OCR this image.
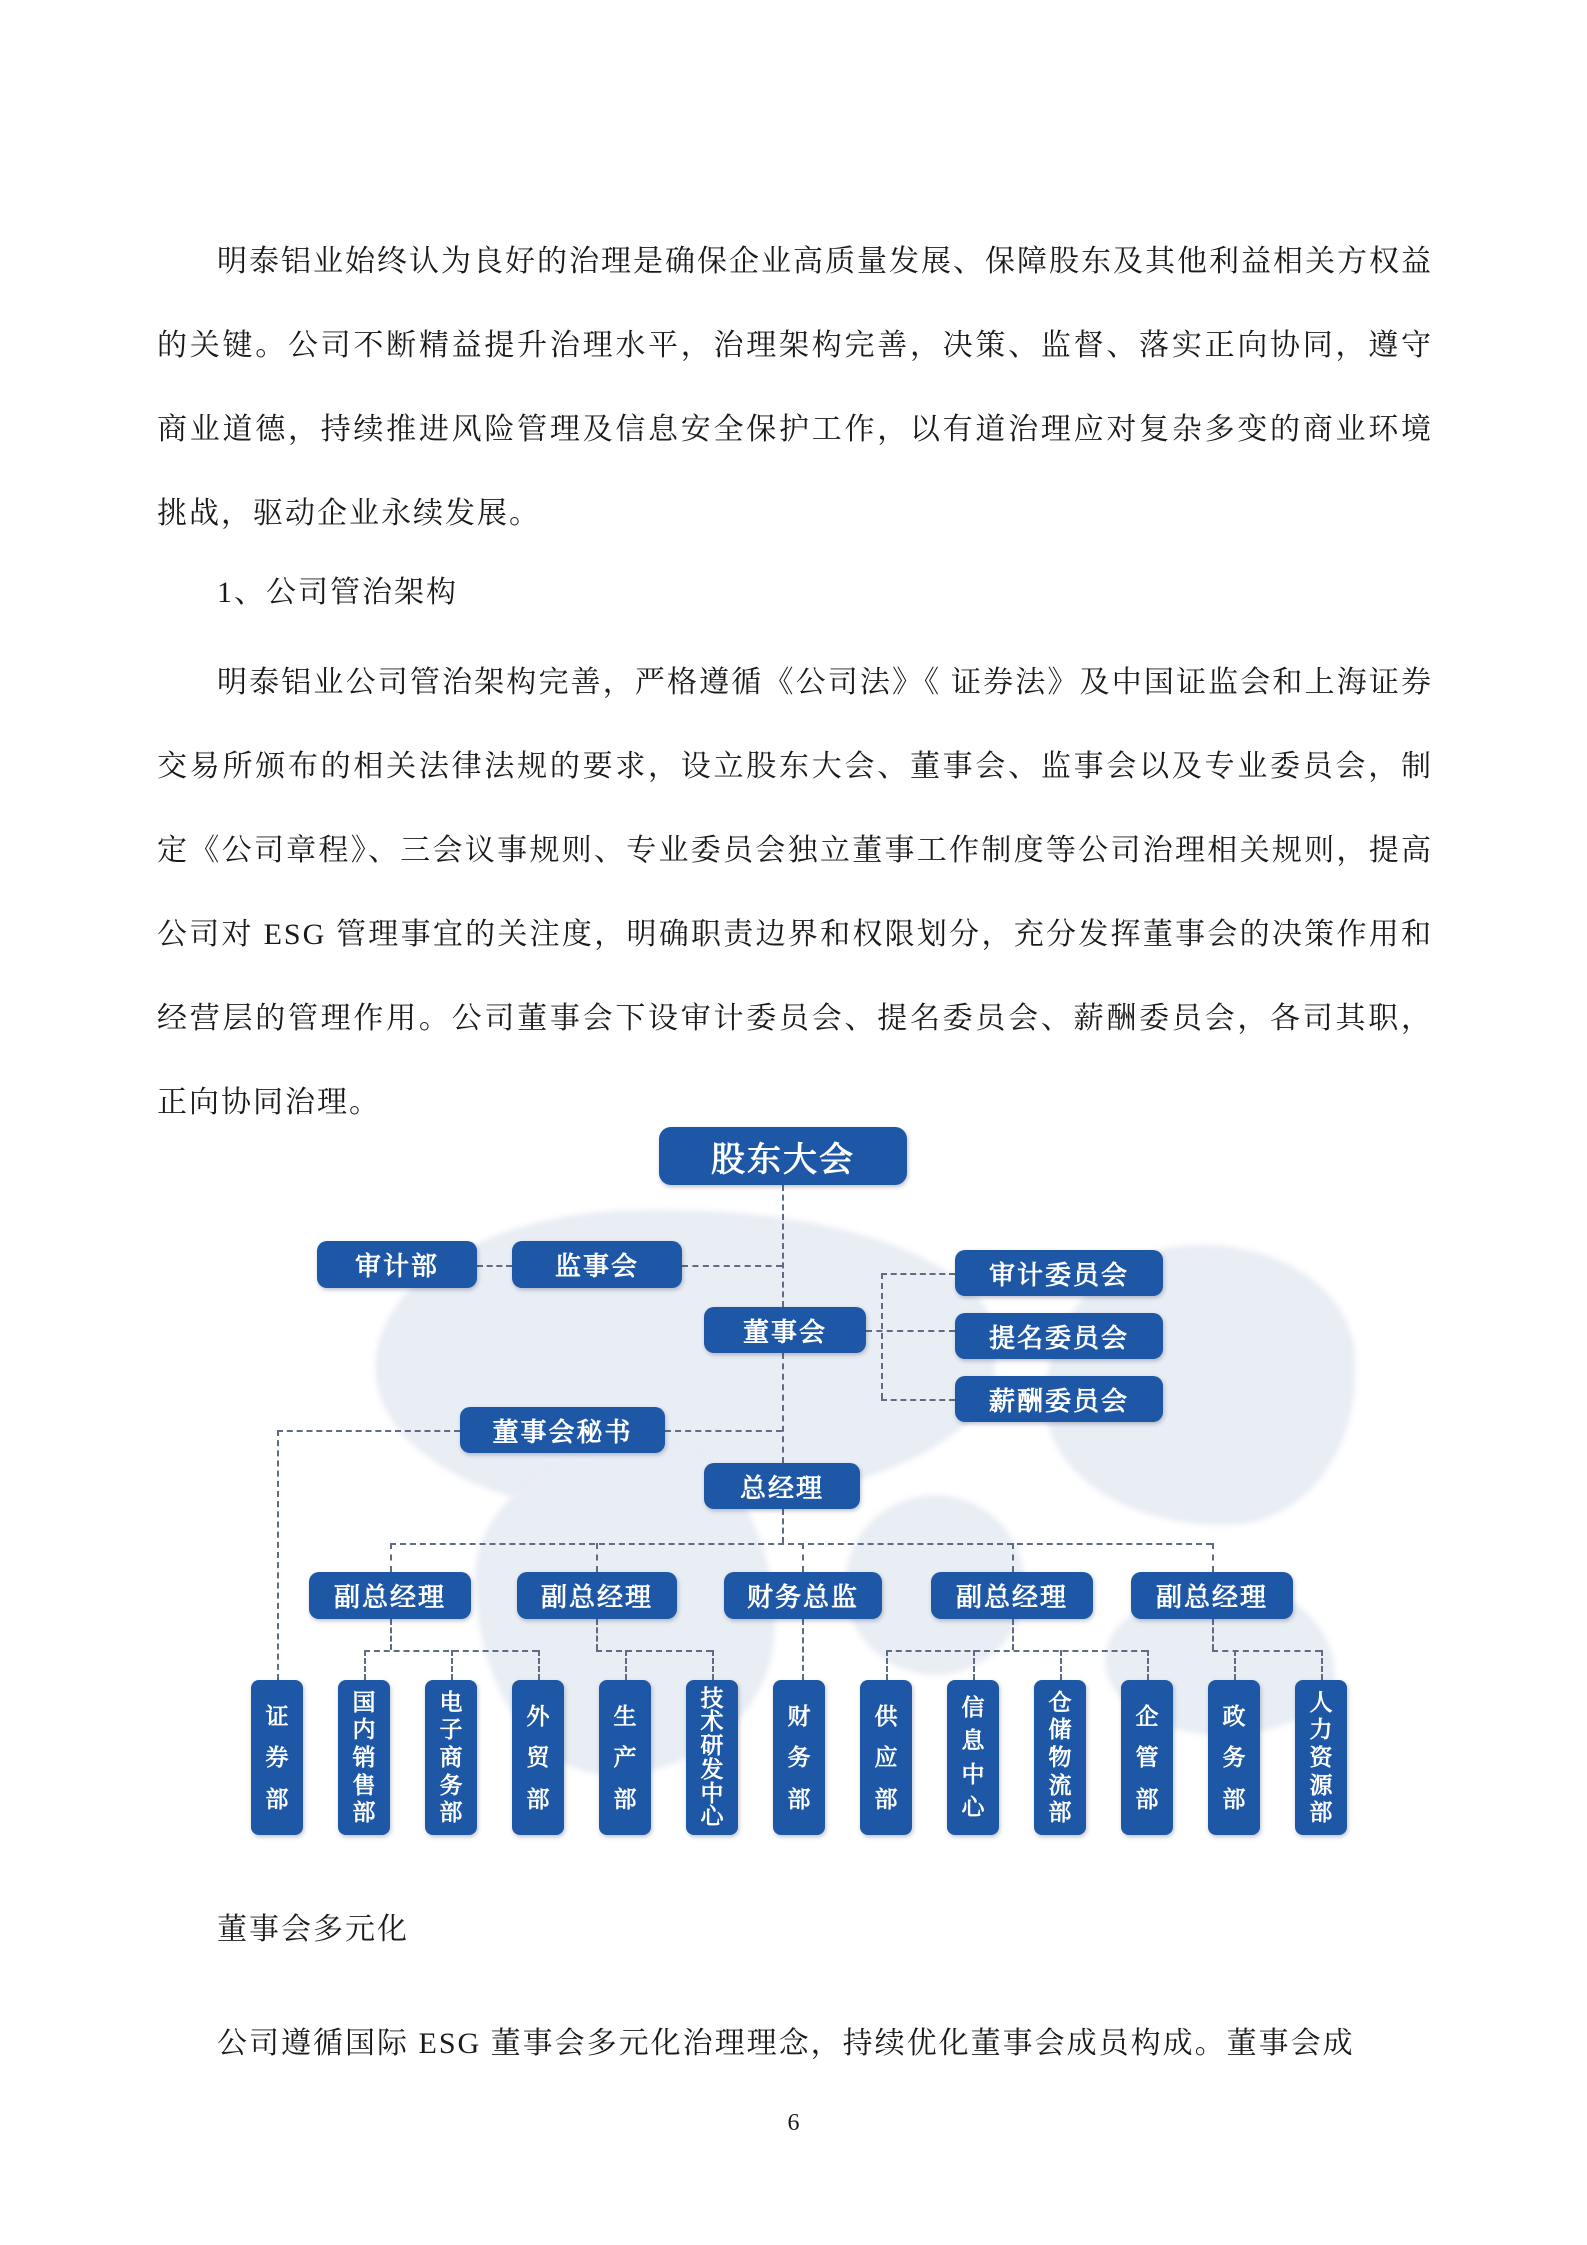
明泰铝业始终认为良好的治理是确保企业高质量发展、保障股东及其他利益相关方权益的关键。公司不断精益提升治理水平，治理架构完善，决策、监督、落实正向协同，遵守商业道德，持续推进风险管理及信息安全保护工作，以有道治理应对复杂多变的商业环境挑战，驱动企业永续发展。

1、公司管治架构

明泰铝业公司管治架构完善，严格遵循《公司法》《 证券法》及中国证监会和上海证券交易所颁布的相关法律法规的要求，设立股东大会、董事会、监事会以及专业委员会，制定《公司章程》、三会议事规则、专业委员会独立董事工作制度等公司治理相关规则，提高公司对 ESG 管理事宜的关注度，明确职责边界和权限划分，充分发挥董事会的决策作用和经营层的管理作用。公司董事会下设审计委员会、提名委员会、薪酬委员会，各司其职，正向协同治理。

股东大会
审计部	监事会
董事会
董事会秘书
总经理
审计委员会
提名委员会
薪酬委员会
副总经理	副总经理	财务总监	副总经理	副总经理
证
券
部
国
内
销
售
部
电
子
商
务
部
外
贸
部
生
产
部
技
术
研
发
中
心
财
务
部
供
应
部
信
息
中
心
仓
储
物
流
部
企
管
部
政
务
部
人
力
资
源
部

董事会多元化

公司遵循国际 ESG 董事会多元化治理理念，持续优化董事会成员构成。董事会成

6
